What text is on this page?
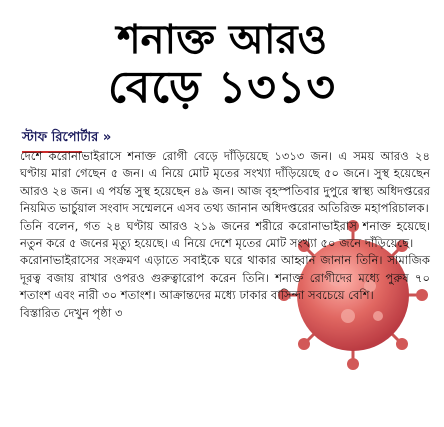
শনাক্ত আরও
বেড়ে ১৩১৩
স্টাফ রিপোর্টার »

দেশে করোনাভাইরাসে শনাক্ত রোগী বেড়ে দাঁড়িয়েছে ১৩১৩ জন। এ সময় আরও ২৪ ঘণ্টায় মারা গেছেন ৫ জন। এ নিয়ে মোট মৃতের সংখ্যা দাঁড়িয়েছে ৫০ জনে। সুস্থ হয়েছেন আরও ২৪ জন। এ পর্যন্ত সুস্থ হয়েছেন ৪৯ জন। আজ বৃহস্পতিবার দুপুরে স্বাস্থ্য অধিদপ্তরের নিয়মিত ভার্চুয়াল সংবাদ সম্মেলনে এসব তথ্য জানান অধিদপ্তরের অতিরিক্ত মহাপরিচালক।

তিনি বলেন, গত ২৪ ঘণ্টায় আরও ২১৯ জনের শরীরে করোনাভাইরাস শনাক্ত হয়েছে। নতুন করে ৫ জনের মৃত্যু হয়েছে। এ নিয়ে দেশে মৃতের মোট সংখ্যা ৫০ জনে দাঁড়িয়েছে।

করোনাভাইরাসের সংক্রমণ এড়াতে সবাইকে ঘরে থাকার আহ্বান জানান তিনি। সামাজিক দূরত্ব বজায় রাখার ওপরও গুরুত্বারোপ করেন তিনি। শনাক্ত রোগীদের মধ্যে পুরুষ ৭০ শতাংশ এবং নারী ৩০ শতাংশ। আক্রান্তদের মধ্যে ঢাকার বাসিন্দা সবচেয়ে বেশি।

বিস্তারিত দেখুন পৃষ্ঠা ৩
